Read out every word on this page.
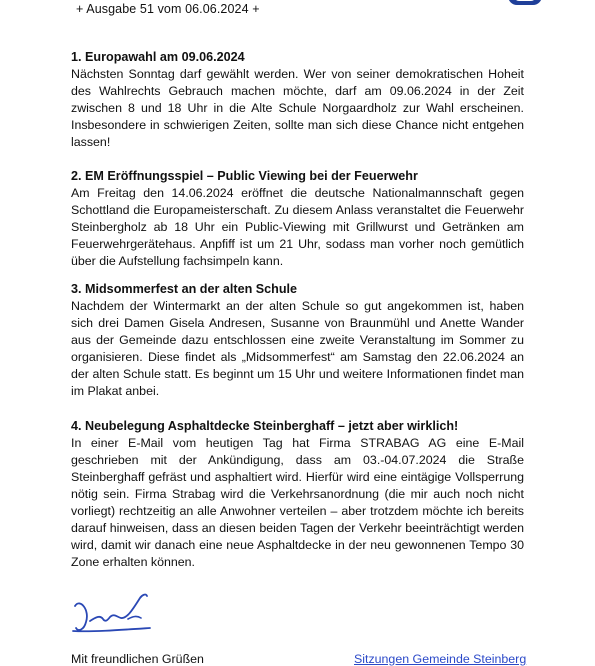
+ Ausgabe 51 vom 06.06.2024 +

1. Europawahl am 09.06.2024

Nächsten Sonntag darf gewählt werden. Wer von seiner demokratischen Hoheit des Wahlrechts Gebrauch machen möchte, darf am 09.06.2024 in der Zeit zwischen 8 und 18 Uhr in die Alte Schule Norgaardholz zur Wahl erscheinen. Insbesondere in schwierigen Zeiten, sollte man sich diese Chance nicht entgehen lassen!

2. EM Eröffnungsspiel – Public Viewing bei der Feuerwehr

Am Freitag den 14.06.2024 eröffnet die deutsche Nationalmannschaft gegen Schottland die Europameisterschaft. Zu diesem Anlass veranstaltet die Feuerwehr Steinbergholz ab 18 Uhr ein Public-Viewing mit Grillwurst und Getränken am Feuerwehrgerätehaus. Anpfiff ist um 21 Uhr, sodass man vorher noch gemütlich über die Aufstellung fachsimpeln kann.

3. Midsommerfest an der alten Schule

Nachdem der Wintermarkt an der alten Schule so gut angekommen ist, haben sich drei Damen Gisela Andresen, Susanne von Braunmühl und Anette Wander aus der Gemeinde dazu entschlossen eine zweite Veranstaltung im Sommer zu organisieren. Diese findet als „Midsommerfest“ am Samstag den 22.06.2024 an der alten Schule statt. Es beginnt um 15 Uhr und weitere Informationen findet man im Plakat anbei.

4. Neubelegung Asphaltdecke Steinberghaff – jetzt aber wirklich!

In einer E-Mail vom heutigen Tag hat Firma STRABAG AG eine E-Mail geschrieben mit der Ankündigung, dass am 03.-04.07.2024 die Straße Steinberghaff gefräst und asphaltiert wird. Hierfür wird eine eintägige Vollsperrung nötig sein. Firma Strabag wird die Verkehrsanordnung (die mir auch noch nicht vorliegt) rechtzeitig an alle Anwohner verteilen – aber trotzdem möchte ich bereits darauf hinweisen, dass an diesen beiden Tagen der Verkehr beeinträchtigt werden wird, damit wir danach eine neue Asphaltdecke in der neu gewonnenen Tempo 30 Zone erhalten können.

Mit freundlichen Grüßen	Sitzungen Gemeinde Steinberg
